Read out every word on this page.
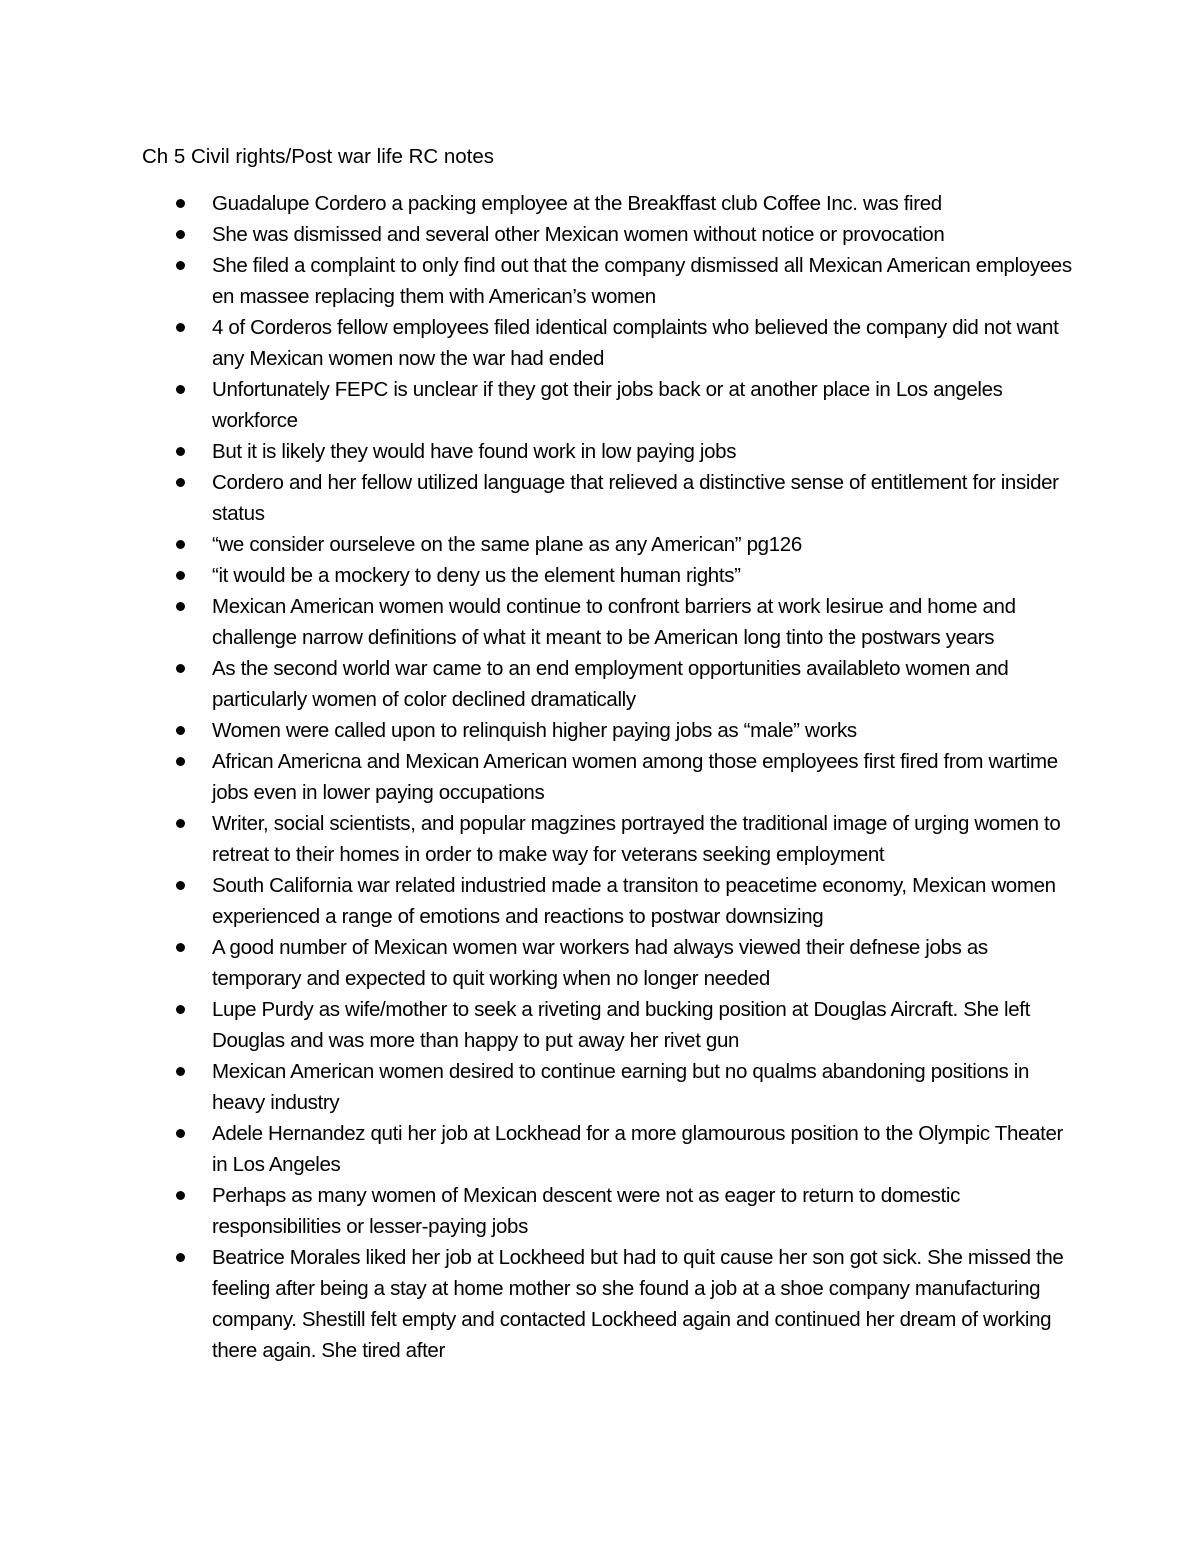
Ch 5 Civil rights/Post war life RC notes
Guadalupe Cordero a packing employee at the Breakffast club Coffee Inc. was fired
She was dismissed and several other Mexican women without notice or provocation
She filed a complaint to only find out that the company dismissed all Mexican American employees en massee replacing them with American’s women
4 of Corderos fellow employees filed identical complaints who believed the company did not want any Mexican women now the war had ended
Unfortunately FEPC is unclear if they got their jobs back or at another place in Los angeles workforce
But it is likely they would have found work in low paying jobs
Cordero and her fellow utilized language that relieved a distinctive sense of entitlement for insider status
“we consider ourseleve on the same plane as any American” pg126
“it would be a mockery to deny us the element human rights”
Mexican American women would continue to confront barriers at work lesirue and home and challenge narrow definitions of what it meant to be American long tinto the postwars years
As the second world war came to an end employment opportunities availableto women and particularly women of color declined dramatically
Women were called upon to relinquish higher paying jobs as “male” works
African Americna and Mexican American women among those employees first fired from wartime jobs even in lower paying occupations
Writer, social scientists, and popular magzines portrayed the traditional image of urging women to retreat to their homes in order to make way for veterans seeking employment
South California war related industried made a transiton to peacetime economy, Mexican women experienced a range of emotions and reactions to postwar downsizing
A good number of Mexican women war workers had always viewed their defnese jobs as temporary and expected to quit working when no longer needed
Lupe Purdy as wife/mother to seek a riveting and bucking position at Douglas Aircraft. She left Douglas and was more than happy to put away her rivet gun
Mexican American women desired to continue earning but no qualms abandoning positions in heavy industry
Adele Hernandez quti her job at Lockhead for a more glamourous position to the Olympic Theater in Los Angeles
Perhaps as many women of Mexican descent were not as eager to return to domestic responsibilities or lesser-paying jobs
Beatrice Morales liked her job at Lockheed but had to quit cause her son got sick. She missed the feeling after being a stay at home mother so she found a job at a shoe company manufacturing company. Shestill felt empty and contacted Lockheed again and continued her dream of working there again. She tired after
